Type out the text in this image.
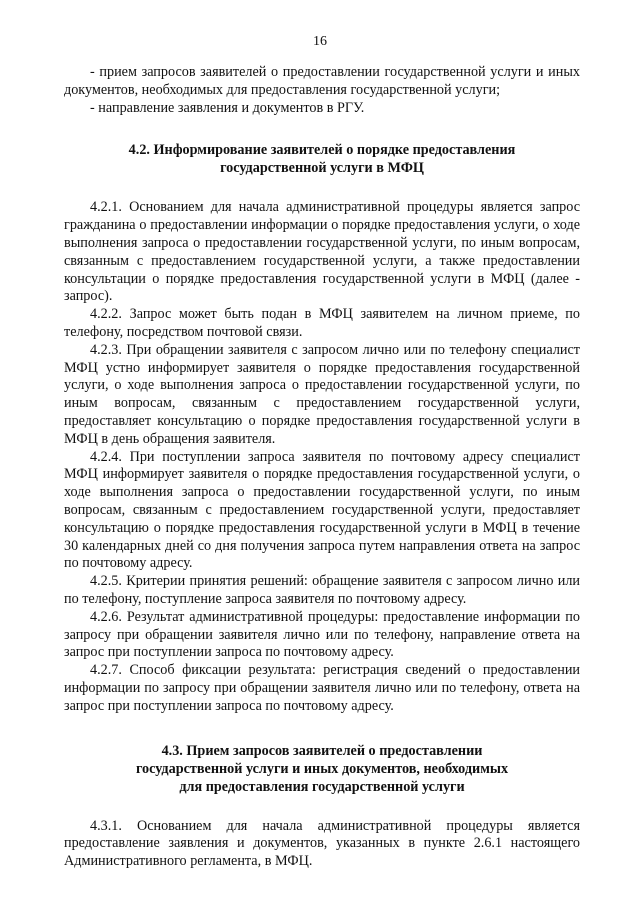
16

- прием запросов заявителей о предоставлении государственной услуги и иных документов, необходимых для предоставления государственной услуги;

- направление заявления и документов в РГУ.

4.2. Информирование заявителей о порядке предоставления государственной услуги в МФЦ

4.2.1. Основанием для начала административной процедуры является запрос гражданина о предоставлении информации о порядке предоставления услуги, о ходе выполнения запроса о предоставлении государственной услуги, по иным вопросам, связанным с предоставлением государственной услуги, а также предоставлении консультации о порядке предоставления государственной услуги в МФЦ (далее - запрос).

4.2.2. Запрос может быть подан в МФЦ заявителем на личном приеме, по телефону, посредством почтовой связи.

4.2.3. При обращении заявителя с запросом лично или по телефону специалист МФЦ устно информирует заявителя о порядке предоставления государственной услуги, о ходе выполнения запроса о предоставлении государственной услуги, по иным вопросам, связанным с предоставлением государственной услуги, предоставляет консультацию о порядке предоставления государственной услуги в МФЦ в день обращения заявителя.

4.2.4. При поступлении запроса заявителя по почтовому адресу специалист МФЦ информирует заявителя о порядке предоставления государственной услуги, о ходе выполнения запроса о предоставлении государственной услуги, по иным вопросам, связанным с предоставлением государственной услуги, предоставляет консультацию о порядке предоставления государственной услуги в МФЦ в течение 30 календарных дней со дня получения запроса путем направления ответа на запрос по почтовому адресу.

4.2.5. Критерии принятия решений: обращение заявителя с запросом лично или по телефону, поступление запроса заявителя по почтовому адресу.

4.2.6. Результат административной процедуры: предоставление информации по запросу при обращении заявителя лично или по телефону, направление ответа на запрос при поступлении запроса по почтовому адресу.

4.2.7. Способ фиксации результата: регистрация сведений о предоставлении информации по запросу при обращении заявителя лично или по телефону, ответа на запрос при поступлении запроса по почтовому адресу.

4.3. Прием запросов заявителей о предоставлении
государственной услуги и иных документов, необходимых
для предоставления государственной услуги

4.3.1. Основанием для начала административной процедуры является предоставление заявления и документов, указанных в пункте 2.6.1 настоящего Административного регламента, в МФЦ.
